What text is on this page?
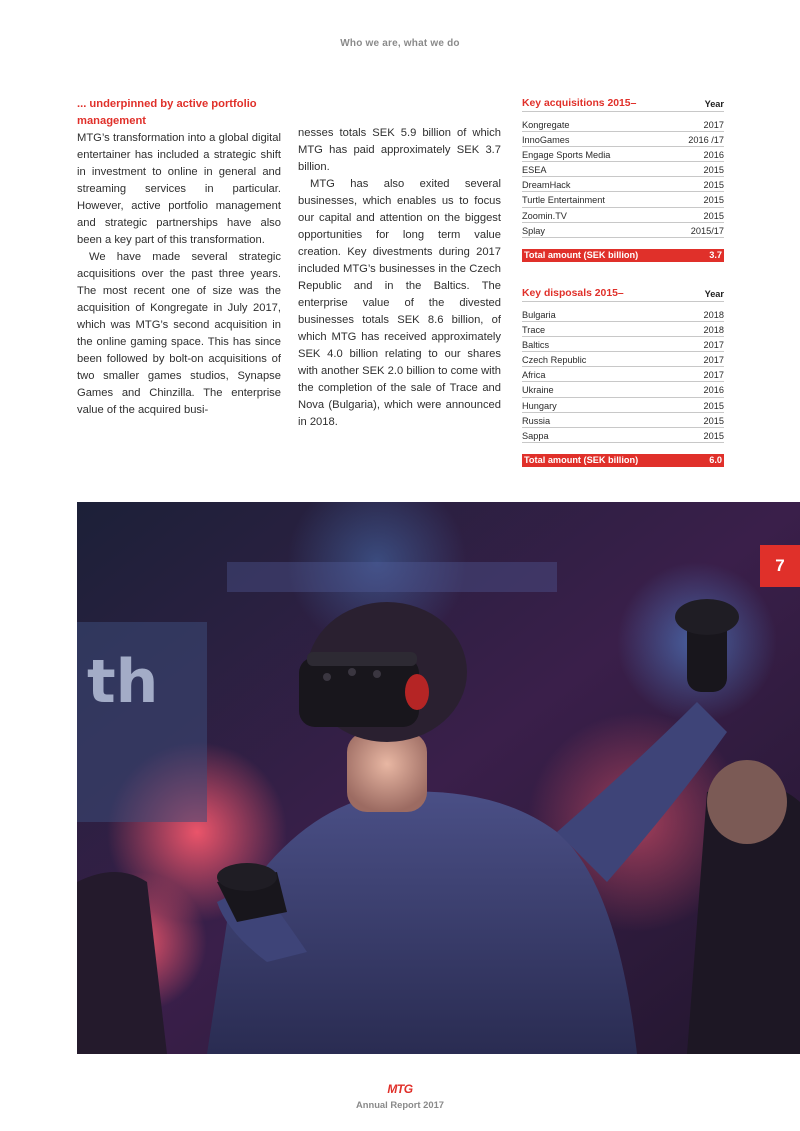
Who we are, what we do
... underpinned by active portfolio management

MTG’s transformation into a global digital entertainer has included a strategic shift in investment to online in general and streaming services in particular. However, active portfolio management and strategic partnerships have also been a key part of this transformation.

We have made several strategic acquisitions over the past three years. The most recent one of size was the acquisition of Kongregate in July 2017, which was MTG’s second acquisition in the online gaming space. This has since been followed by bolt-on acquisitions of two smaller games studios, Synapse Games and Chinzilla. The enterprise value of the acquired busi-

nesses totals SEK 5.9 billion of which MTG has paid approximately SEK 3.7 billion.

MTG has also exited several businesses, which enables us to focus our capital and attention on the biggest opportunities for long term value creation. Key divestments during 2017 included MTG’s businesses in the Czech Republic and in the Baltics. The enterprise value of the divested businesses totals SEK 8.6 billion, of which MTG has received approximately SEK 4.0 billion relating to our shares with another SEK 2.0 billion to come with the completion of the sale of Trace and Nova (Bulgaria), which were announced in 2018.

Key acquisitions 2015–	Year
Kongregate	2017
InnoGames	2016 /17
Engage Sports Media	2016
ESEA	2015
DreamHack	2015
Turtle Entertainment	2015
Zoomin.TV	2015
Splay	2015/17
Total amount (SEK billion)	3.7
Key disposals 2015–	Year
Bulgaria	2018
Trace	2018
Baltics	2017
Czech Republic	2017
Africa	2017
Ukraine	2016
Hungary	2015
Russia	2015
Sappa	2015
Total amount (SEK billion)	6.0
th
7
MTG
Annual Report 2017
